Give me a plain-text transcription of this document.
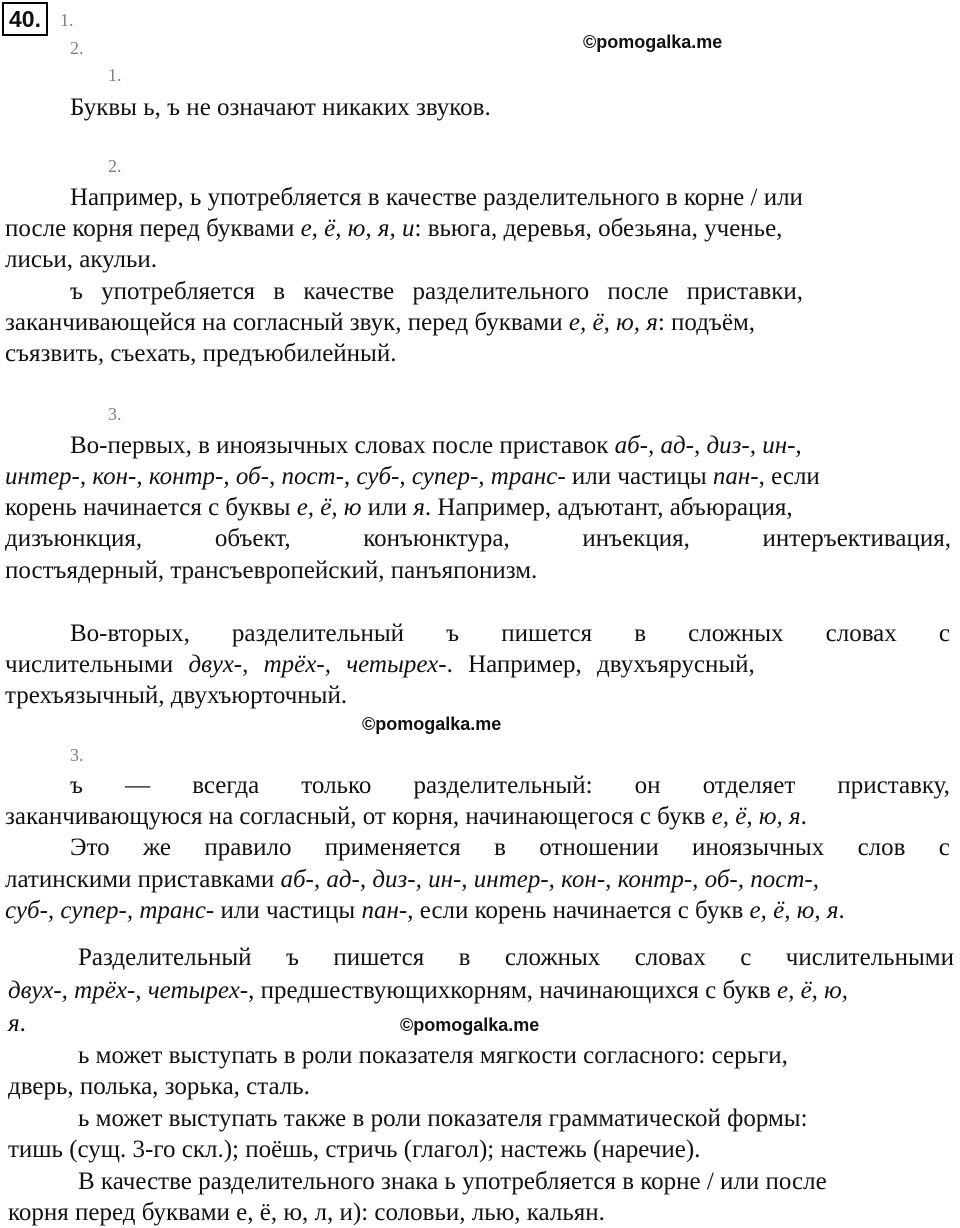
40.	1.
2.	©pomogalka.me
1.
Буквы ь, ъ не означают никаких звуков.
2.
Например, ь употребляется в качестве разделительного в корне / или
после корня перед буквами е, ё, ю, я, и: вьюга, деревья, обезьяна, ученье,
лисьи, акульи.
ъ употребляется в качестве разделительного после приставки,
заканчивающейся на согласный звук, перед буквами е, ё, ю, я: подъём,
съязвить, съехать, предъюбилейный.
3.
Во-первых, в иноязычных словах после приставок аб-, ад-, диз-, ин-,
интер-, кон-, контр-, об-, пост-, суб-, супер-, транс- или частицы пан-, если
корень начинается с буквы е, ё, ю или я. Например, адъютант, абъюрация,
дизъюнкция,	объект,	конъюнктура,	инъекция,	интеръективация,
постъядерный, трансъевропейский, панъяпонизм.
Во-вторых, разделительный ъ пишется в сложных словах с
числительными двух-, трёх-, четырех-. Например, двухъярусный,
трехъязычный, двухъюрточный.
©pomogalka.me
3.
ъ — всегда только разделительный: он отделяет приставку,
заканчивающуюся на согласный, от корня, начинающегося с букв е, ё, ю, я.
Это же правило применяется в отношении иноязычных слов с
латинскими приставками аб-, ад-, диз-, ин-, интер-, кон-, контр-, об-, пост-,
суб-, супер-, транс- или частицы пан-, если корень начинается с букв е, ё, ю, я.
Разделительный ъ пишется в сложных словах с числительными
двух-, трёх-, четырех-, предшествующихкорням, начинающихся с букв е, ё, ю,
я.	©pomogalka.me
ь может выступать в роли показателя мягкости согласного: серьги,
дверь, полька, зорька, сталь.
ь может выступать также в роли показателя грамматической формы:
тишь (сущ. 3-го скл.); поёшь, стричь (глагол); настежь (наречие).
В качестве разделительного знака ь употребляется в корне / или после
корня перед буквами е, ё, ю, л, и): соловьи, лью, кальян.
